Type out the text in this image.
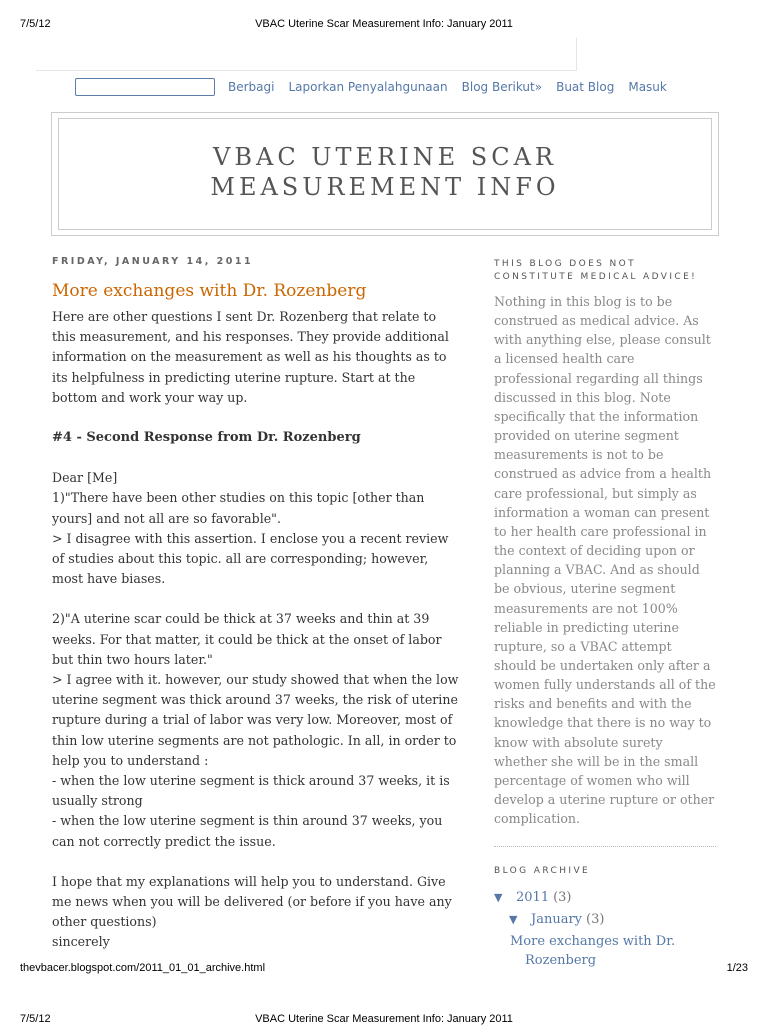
7/5/12	VBAC Uterine Scar Measurement Info: January 2011
Berbagi Laporkan Penyalahgunaan Blog Berikut» Buat Blog Masuk
VBAC UTERINE SCAR
MEASUREMENT INFO
FRIDAY, JANUARY 14, 2011
More exchanges with Dr. Rozenberg

Here are other questions I sent Dr. Rozenberg that relate to this measurement, and his responses. They provide additional information on the measurement as well as his thoughts as to its helpfulness in predicting uterine rupture. Start at the bottom and work your way up.

#4 - Second Response from Dr. Rozenberg

Dear [Me]

1)"There have been other studies on this topic [other than yours] and not all are so favorable".

> I disagree with this assertion. I enclose you a recent review of studies about this topic. all are corresponding; however, most have biases.

2)"A uterine scar could be thick at 37 weeks and thin at 39 weeks. For that matter, it could be thick at the onset of labor but thin two hours later."

> I agree with it. however, our study showed that when the low uterine segment was thick around 37 weeks, the risk of uterine rupture during a trial of labor was very low. Moreover, most of thin low uterine segments are not pathologic. In all, in order to help you to understand :

- when the low uterine segment is thick around 37 weeks, it is usually strong

- when the low uterine segment is thin around 37 weeks, you can not correctly predict the issue.

I hope that my explanations will help you to understand. Give me news when you will be delivered (or before if you have any other questions)

sincerely

THIS BLOG DOES NOT CONSTITUTE MEDICAL ADVICE!

Nothing in this blog is to be construed as medical advice. As with anything else, please consult a licensed health care professional regarding all things discussed in this blog. Note specifically that the information provided on uterine segment measurements is not to be construed as advice from a health care professional, but simply as information a woman can present to her health care professional in the context of deciding upon or planning a VBAC. And as should be obvious, uterine segment measurements are not 100% reliable in predicting uterine rupture, so a VBAC attempt should be undertaken only after a women fully understands all of the risks and benefits and with the knowledge that there is no way to know with absolute surety whether she will be in the small percentage of women who will develop a uterine rupture or other complication.

BLOG ARCHIVE
▼	2011 (3)
▼	January (3)
More exchanges with Dr. Rozenberg
thevbacer.blogspot.com/2011_01_01_archive.html	1/23
7/5/12	VBAC Uterine Scar Measurement Info: January 2011
